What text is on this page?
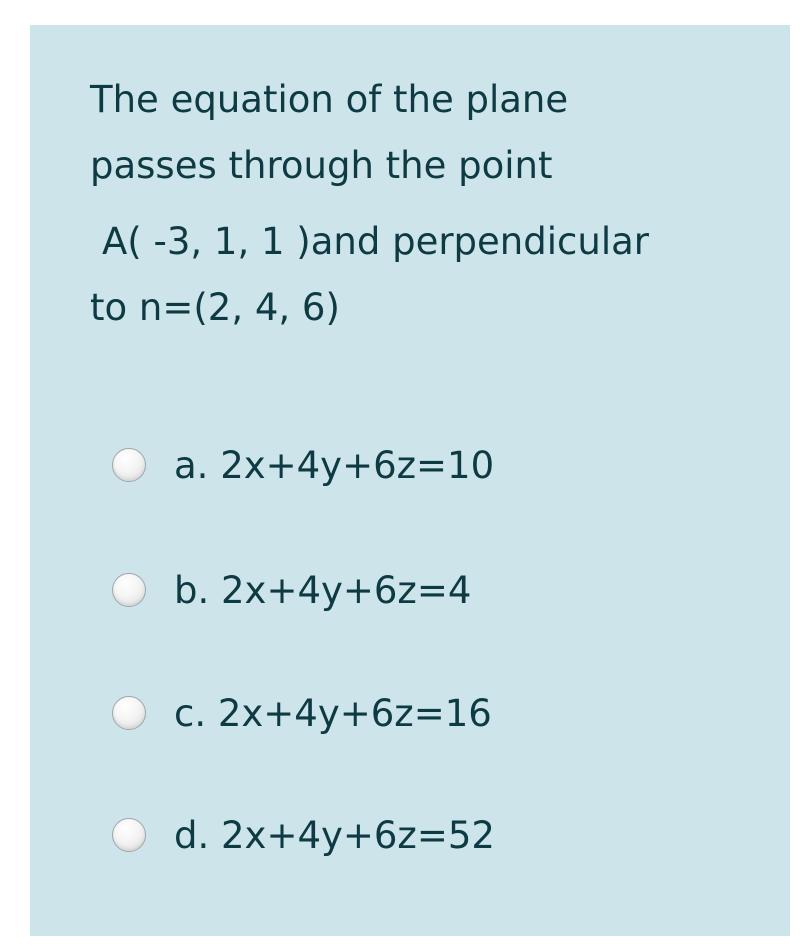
The equation of the plane
passes through the point
A( -3, 1, 1 )and perpendicular
to n=(2, 4, 6)
a. 2x+4y+6z=10
b. 2x+4y+6z=4
c. 2x+4y+6z=16
d. 2x+4y+6z=52
